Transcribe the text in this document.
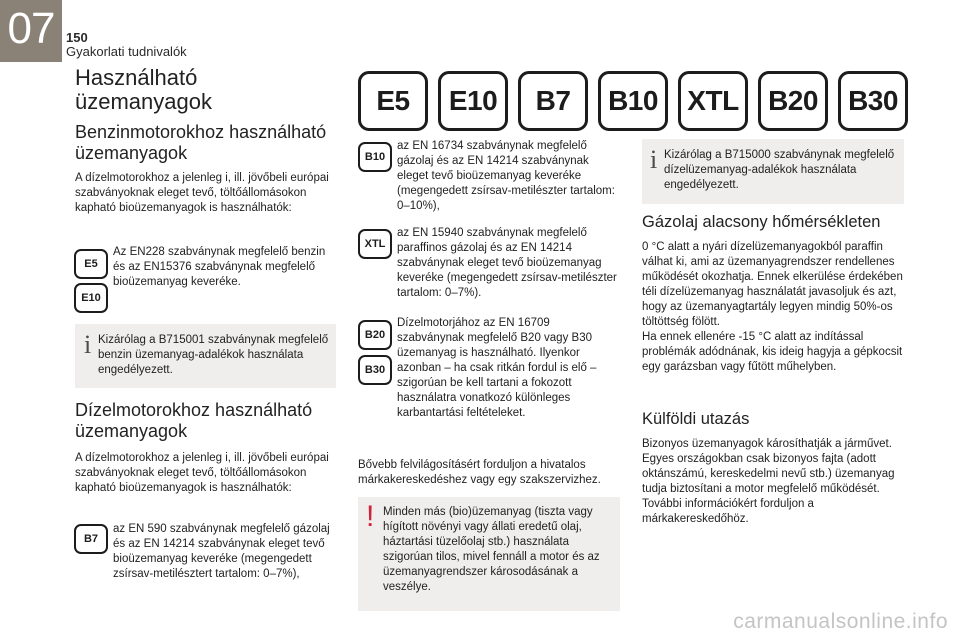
07 150
Gyakorlati tudnivalók
Használható üzemanyagok
Benzinmotorokhoz használható üzemanyagok
A dízelmotorokhoz a jelenleg i, ill. jövőbeli európai szabványoknak eleget tevő, töltőállomásokon kapható bioüzemanyagok is használhatók:
E5
E10
Az EN228 szabványnak megfelelő benzin és az EN15376 szabványnak megfelelő bioüzemanyag keveréke.
i Kizárólag a B715001 szabványnak megfelelő benzin üzemanyag-adalékok használata engedélyezett.
Dízelmotorokhoz használható üzemanyagok
A dízelmotorokhoz a jelenleg i, ill. jövőbeli európai szabványoknak eleget tevő, töltőállomásokon kapható bioüzemanyagok is használhatók:
B7
az EN 590 szabványnak megfelelő gázolaj és az EN 14214 szabványnak eleget tevő bioüzemanyag keveréke (megengedett zsírsav-metilésztert tartalom: 0–7%),
E5	E10	B7	B10	XTL	B20	B30
B10
az EN 16734 szabványnak megfelelő gázolaj és az EN 14214 szabványnak eleget tevő bioüzemanyag keveréke (megengedett zsírsav-metilészter tartalom: 0–10%),
XTL
az EN 15940 szabványnak megfelelő paraffinos gázolaj és az EN 14214 szabványnak eleget tevő bioüzemanyag keveréke (megengedett zsírsav-metilészter tartalom: 0–7%).
B20
B30
Dízelmotorjához az EN 16709 szabványnak megfelelő B20 vagy B30 üzemanyag is használható. Ilyenkor azonban – ha csak ritkán fordul is elő – szigorúan be kell tartani a fokozott használatra vonatkozó különleges karbantartási feltételeket.
Bővebb felvilágosításért forduljon a hivatalos márkakereskedéshez vagy egy szakszervizhez.
! Minden más (bio)üzemanyag (tiszta vagy hígított növényi vagy állati eredetű olaj, háztartási tüzelőolaj stb.) használata szigorúan tilos, mivel fennáll a motor és az üzemanyagrendszer károsodásának a veszélye.
i Kizárólag a B715000 szabványnak megfelelő dízelüzemanyag-adalékok használata engedélyezett.
Gázolaj alacsony hőmérsékleten
0 °C alatt a nyári dízelüzemanyagokból paraffin válhat ki, ami az üzemanyagrendszer rendellenes működését okozhatja. Ennek elkerülése érdekében téli dízelüzemanyag használatát javasoljuk és azt, hogy az üzemanyagtartály legyen mindig 50%-os töltöttség fölött.
Ha ennek ellenére -15 °C alatt az indítással problémák adódnának, kis ideig hagyja a gépkocsit egy garázsban vagy fűtött műhelyben.
Külföldi utazás
Bizonyos üzemanyagok károsíthatják a járművet.
Egyes országokban csak bizonyos fajta (adott oktánszámú, kereskedelmi nevű stb.) üzemanyag tudja biztosítani a motor megfelelő működését. További információkért forduljon a márkakereskedőhöz.
carmanualsonline.info
